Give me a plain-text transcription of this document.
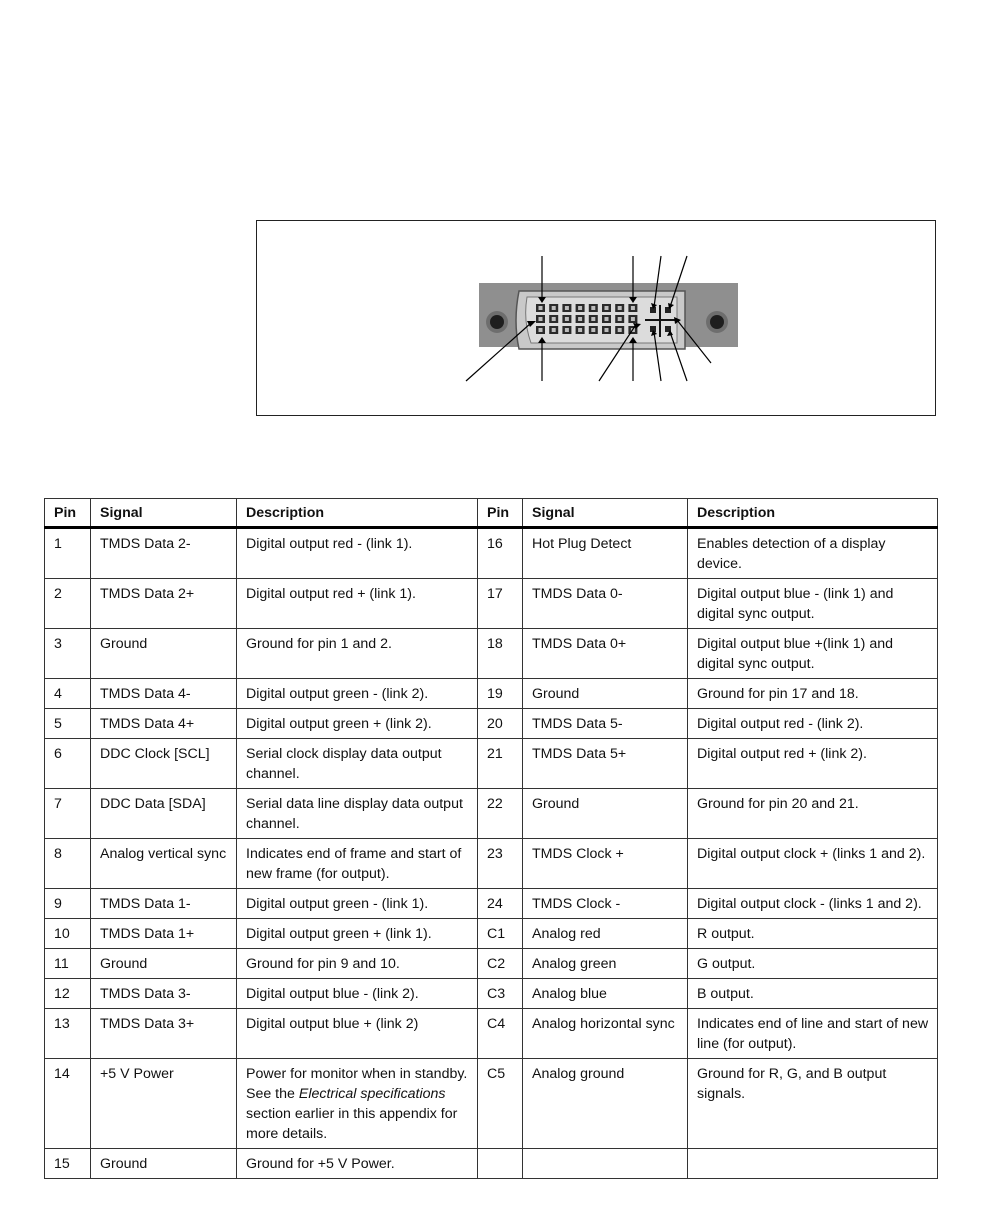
Pin	Signal	Description	Pin	Signal	Description
1	TMDS Data 2-	Digital output red - (link 1).	16	Hot Plug Detect	Enables detection of a display device.
2	TMDS Data 2+	Digital output red + (link 1).	17	TMDS Data 0-	Digital output blue - (link 1) and digital sync output.
3	Ground	Ground for pin 1 and 2.	18	TMDS Data 0+	Digital output blue +(link 1) and digital sync output.
4	TMDS Data 4-	Digital output green - (link 2).	19	Ground	Ground for pin 17 and 18.
5	TMDS Data 4+	Digital output green + (link 2).	20	TMDS Data 5-	Digital output red - (link 2).
6	DDC Clock [SCL]	Serial clock display data output channel.	21	TMDS Data 5+	Digital output red + (link 2).
7	DDC Data [SDA]	Serial data line display data output channel.	22	Ground	Ground for pin 20 and 21.
8	Analog vertical sync	Indicates end of frame and start of new frame (for output).	23	TMDS Clock +	Digital output clock + (links 1 and 2).
9	TMDS Data 1-	Digital output green - (link 1).	24	TMDS Clock -	Digital output clock - (links 1 and 2).
10	TMDS Data 1+	Digital output green + (link 1).	C1	Analog red	R output.
11	Ground	Ground for pin 9 and 10.	C2	Analog green	G output.
12	TMDS Data 3-	Digital output blue - (link 2).	C3	Analog blue	B output.
13	TMDS Data 3+	Digital output blue + (link 2)	C4	Analog horizontal sync	Indicates end of line and start of new line (for output).
14	+5 V Power	Power for monitor when in standby. See the Electrical specifications section earlier in this appendix for more details.	C5	Analog ground	Ground for R, G, and B output signals.
15	Ground	Ground for +5 V Power.			
